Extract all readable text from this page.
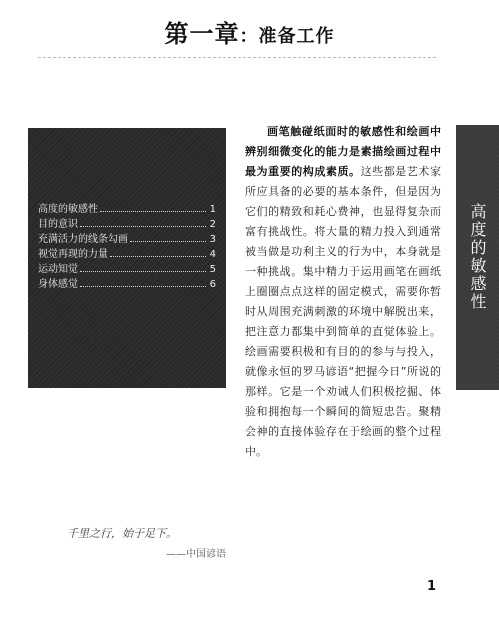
第一章：准备工作
高度的敏感性	1
目的意识	2
充满活力的线条勾画	3
视觉再现的力量	4
运动知觉	5
身体感觉	6

画笔触碰纸面时的敏感性和绘画中辨别细微变化的能力是素描绘画过程中最为重要的构成素质。这些都是艺术家所应具备的必要的基本条件，但是因为它们的精致和耗心费神，也显得复杂而富有挑战性。将大量的精力投入到通常被当做是功利主义的行为中，本身就是一种挑战。集中精力于运用画笔在画纸上圈圈点点这样的固定模式，需要你暂时从周围充满刺激的环境中解脱出来，把注意力都集中到简单的直觉体验上。绘画需要积极和有目的的参与与投入，就像永恒的罗马谚语“把握今日”所说的那样。它是一个劝诫人们积极挖掘、体验和拥抱每一个瞬间的简短忠告。聚精会神的直接体验存在于绘画的整个过程中。

高度的敏感性
千里之行，始于足下。
——中国谚语
1
